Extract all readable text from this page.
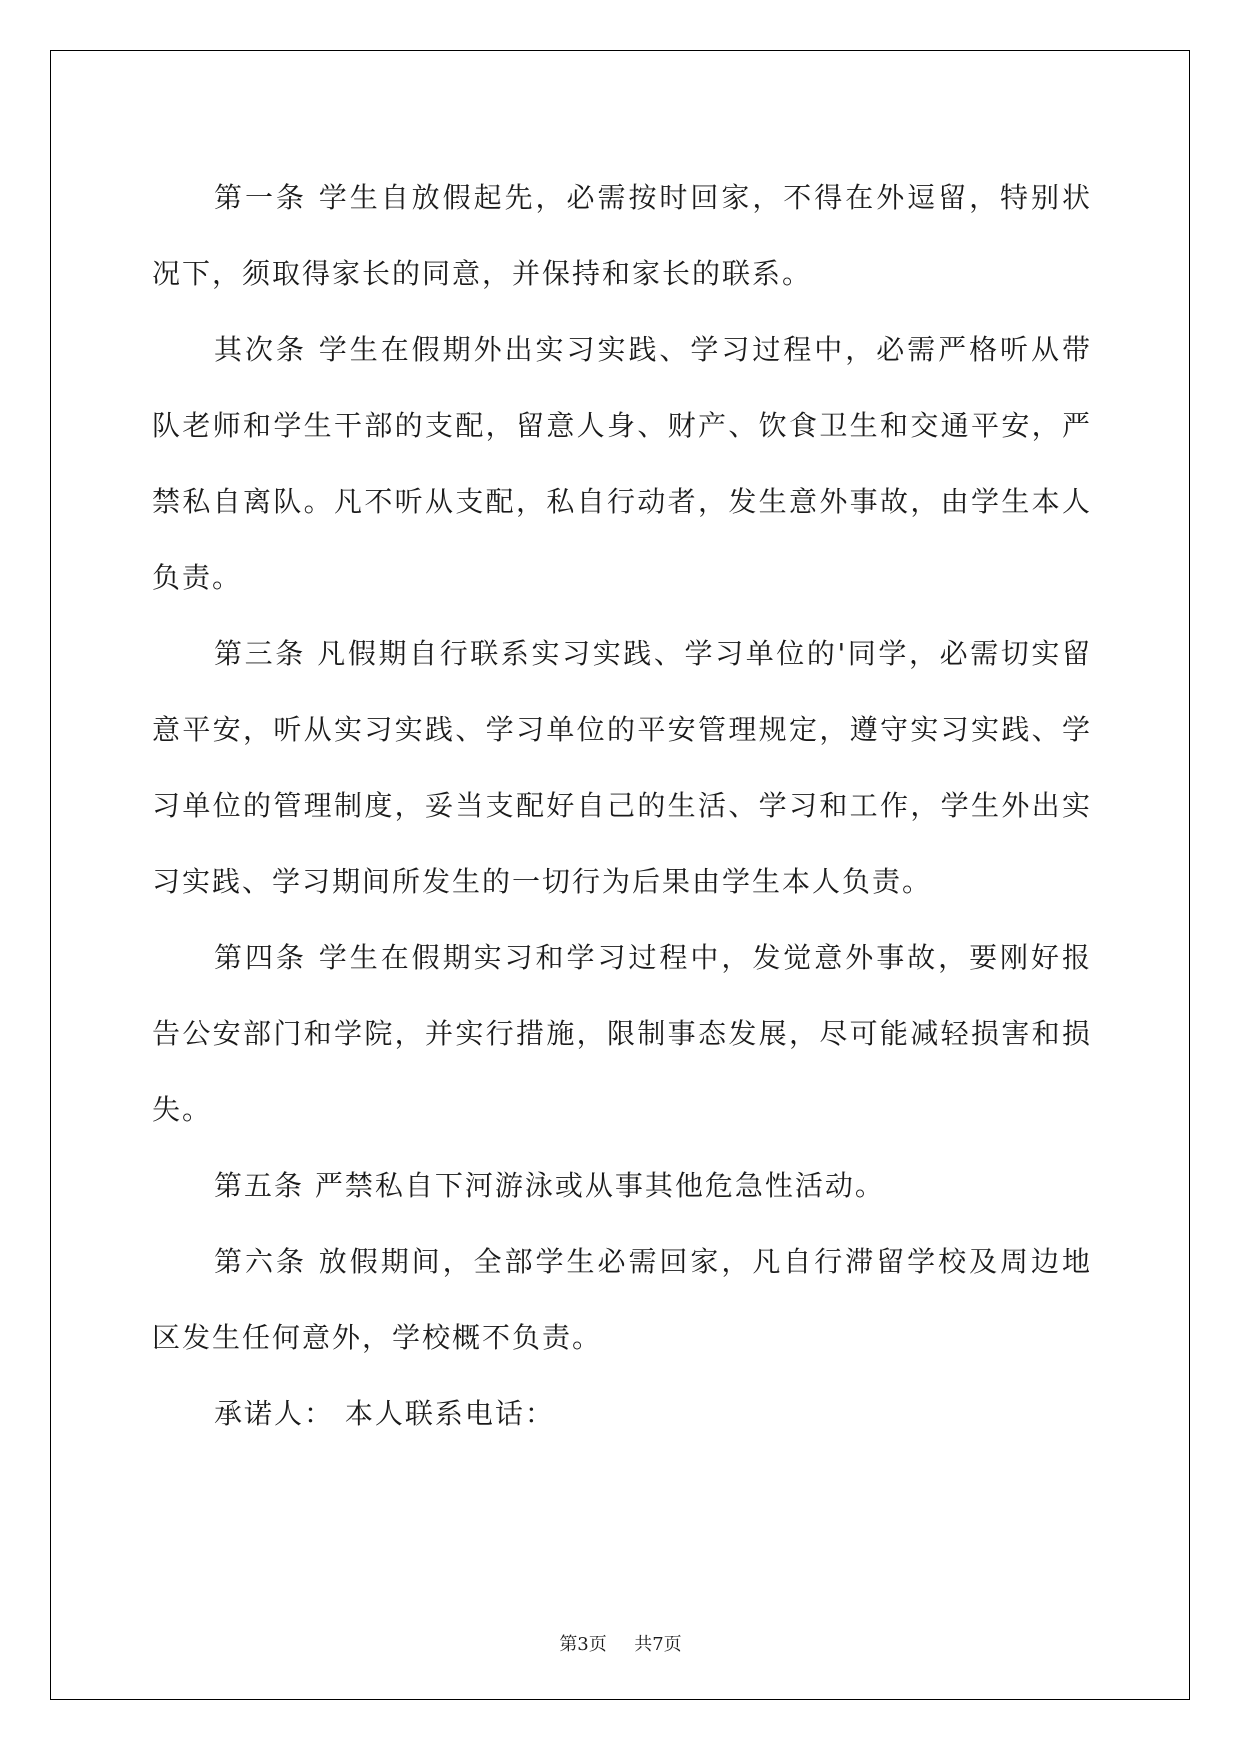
第一条 学生自放假起先，必需按时回家，不得在外逗留，特别状况下，须取得家长的同意，并保持和家长的联系。

其次条 学生在假期外出实习实践、学习过程中，必需严格听从带队老师和学生干部的支配，留意人身、财产、饮食卫生和交通平安，严禁私自离队。凡不听从支配，私自行动者，发生意外事故，由学生本人负责。

第三条 凡假期自行联系实习实践、学习单位的'同学，必需切实留意平安，听从实习实践、学习单位的平安管理规定，遵守实习实践、学习单位的管理制度，妥当支配好自己的生活、学习和工作，学生外出实习实践、学习期间所发生的一切行为后果由学生本人负责。

第四条 学生在假期实习和学习过程中，发觉意外事故，要刚好报告公安部门和学院，并实行措施，限制事态发展，尽可能减轻损害和损失。

第五条 严禁私自下河游泳或从事其他危急性活动。

第六条 放假期间，全部学生必需回家，凡自行滞留学校及周边地区发生任何意外，学校概不负责。

承诺人： 本人联系电话：

第3页 共7页
